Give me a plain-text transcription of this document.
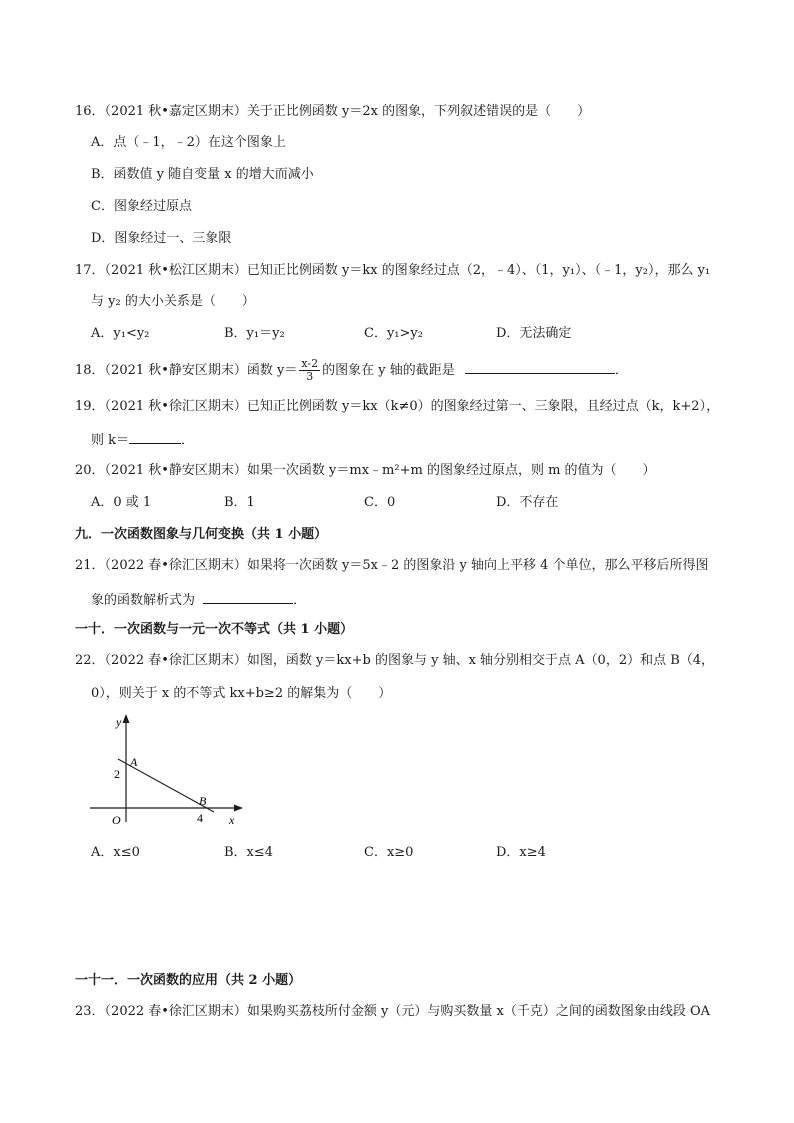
16．（2021 秋•嘉定区期末）关于正比例函数 y＝2x 的图象，下列叙述错误的是（　　）
A．点（﹣1，﹣2）在这个图象上
B．函数值 y 随自变量 x 的增大而减小
C．图象经过原点
D．图象经过一、三象限
17．（2021 秋•松江区期末）已知正比例函数 y＝kx 的图象经过点（2，﹣4）、（1，y₁）、（﹣1，y₂），那么 y₁
与 y₂ 的大小关系是（　　）
A．y₁<y₂	B．y₁＝y₂	C．y₁>y₂	D．无法确定
18．（2021 秋•静安区期末）函数 $y= \frac{x-2}{3}$ 的图象在 y 轴的截距是	．
19．（2021 秋•徐汇区期末）已知正比例函数 y＝kx（k≠0）的图象经过第一、三象限，且经过点（k，k+2），
则 k＝	．
20．（2021 秋•静安区期末）如果一次函数 y＝mx﹣m²+m 的图象经过原点，则 m 的值为（　　）
A．0 或 1	B．1	C．0	D．不存在
九．一次函数图象与几何变换（共 1 小题）
21．（2022 春•徐汇区期末）如果将一次函数 y＝5x﹣2 的图象沿 y 轴向上平移 4 个单位，那么平移后所得图
象的函数解析式为	．
一十．一次函数与一元一次不等式（共 1 小题）
22．（2022 春•徐汇区期末）如图，函数 y＝kx+b 的图象与 y 轴、x 轴分别相交于点 A（0，2）和点 B（4，
0），则关于 x 的不等式 kx+b≥2 的解集为（　　）
y
x
O
A
B
2
4
A．x≤0	B．x≤4	C．x≥0	D．x≥4
一十一．一次函数的应用（共 2 小题）
23．（2022 春•徐汇区期末）如果购买荔枝所付金额 y（元）与购买数量 x（千克）之间的函数图象由线段 OA
